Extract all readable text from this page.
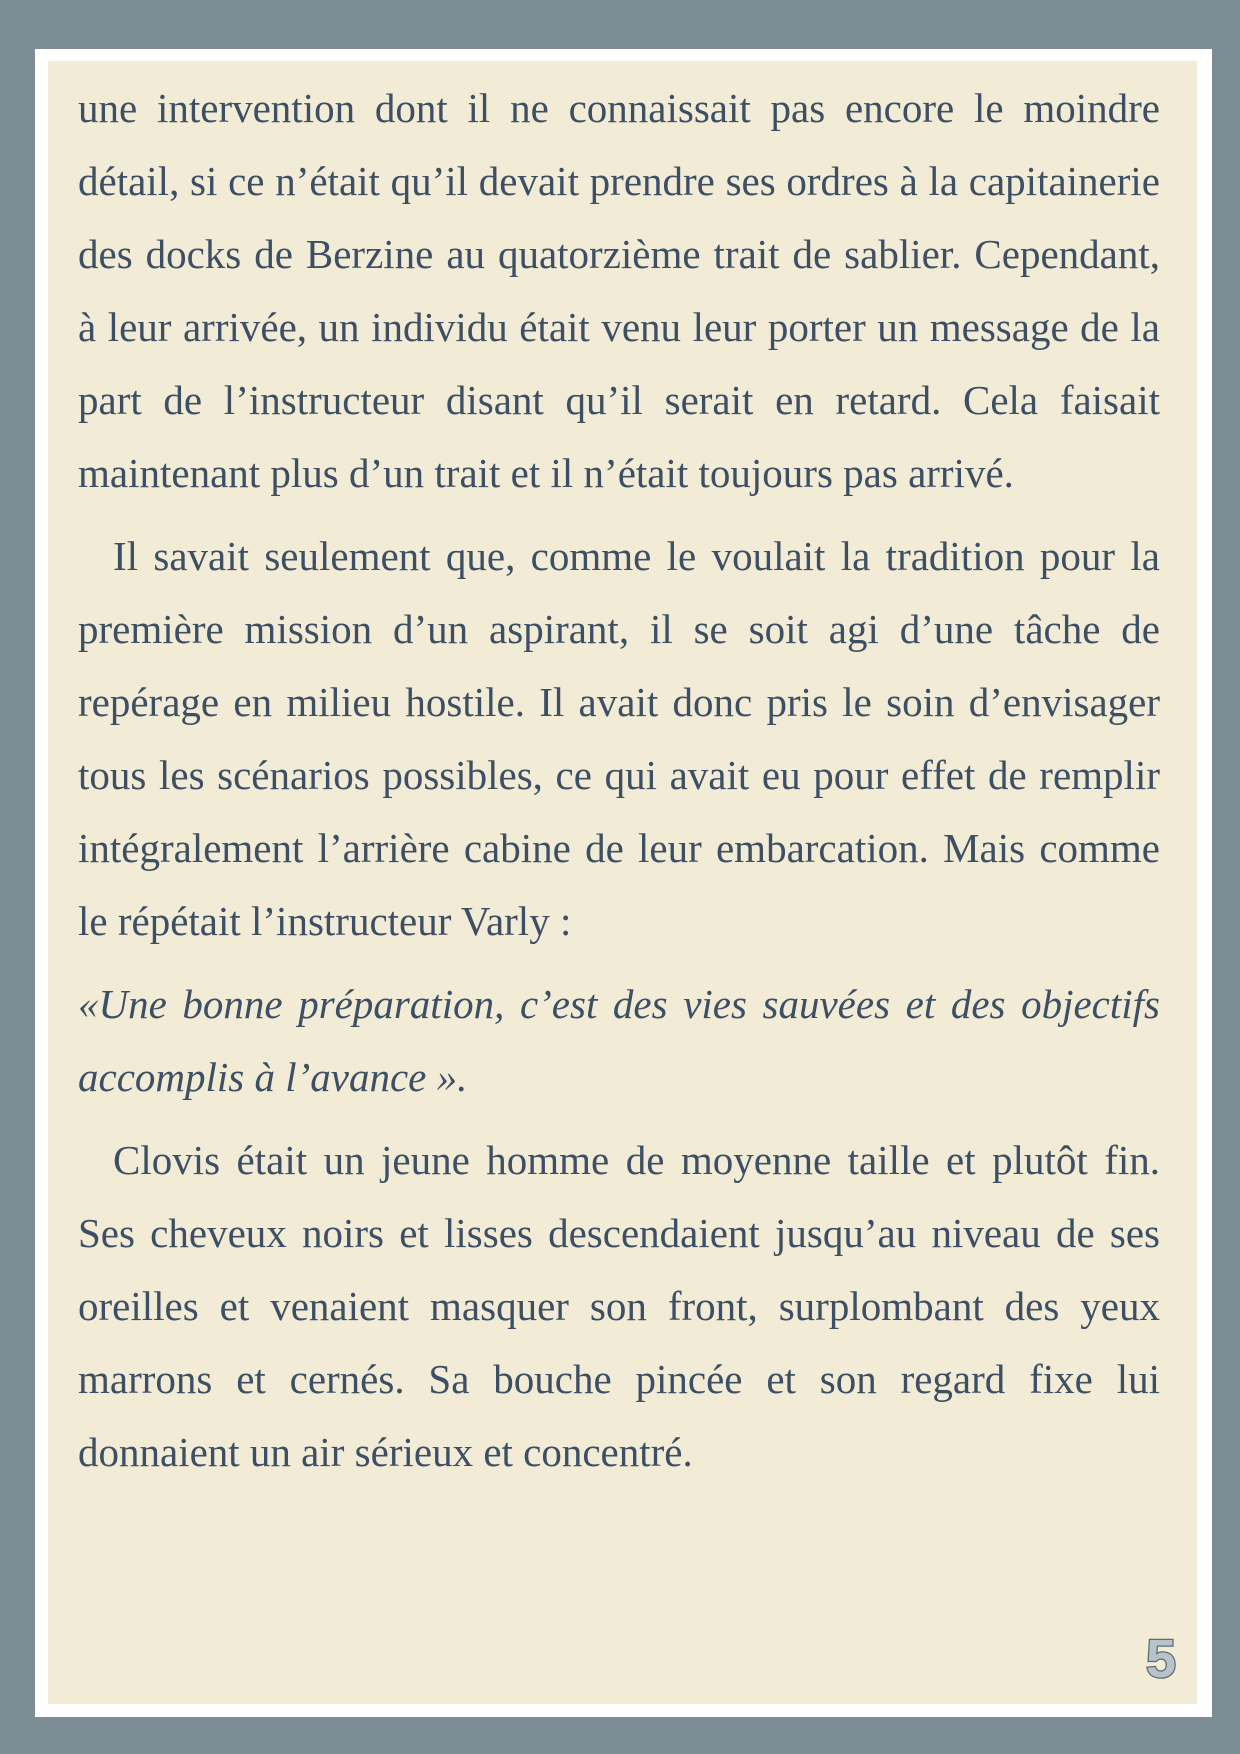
une intervention dont il ne connaissait pas encore le moindre détail, si ce n’était qu’il devait prendre ses ordres à la capitainerie des docks de Berzine au quatorzième trait de sablier. Cependant, à leur arrivée, un individu était venu leur porter un message de la part de l’instructeur disant qu’il serait en retard. Cela faisait maintenant plus d’un trait et il n’était toujours pas arrivé.

Il savait seulement que, comme le voulait la tradition pour la première mission d’un aspirant, il se soit agi d’une tâche de repérage en milieu hostile. Il avait donc pris le soin d’envisager tous les scénarios possibles, ce qui avait eu pour effet de remplir intégralement l’arrière cabine de leur embarcation. Mais comme le répétait l’instructeur Varly :

«Une bonne préparation, c’est des vies sauvées et des objectifs accomplis à l’avance ».

Clovis était un jeune homme de moyenne taille et plutôt fin. Ses cheveux noirs et lisses descendaient jusqu’au niveau de ses oreilles et venaient masquer son front, surplombant des yeux marrons et cernés. Sa bouche pincée et son regard fixe lui donnaient un air sérieux et concentré.

5
